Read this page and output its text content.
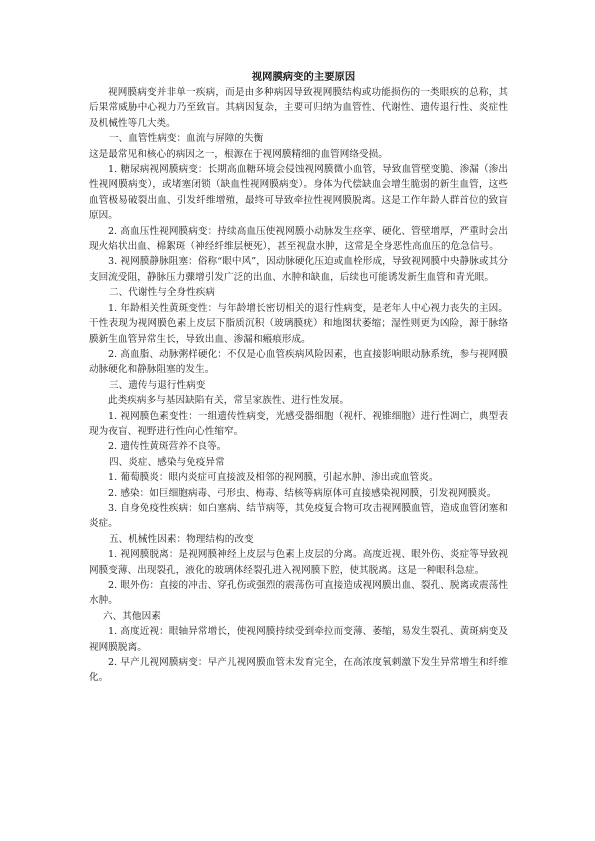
视网膜病变的主要原因

视网膜病变并非单一疾病，而是由多种病因导致视网膜结构或功能损伤的一类眼疾的总称，其后果常威胁中心视力乃至致盲。其病因复杂，主要可归纳为血管性、代谢性、遗传退行性、炎症性及机械性等几大类。

一、血管性病变：血流与屏障的失衡

这是最常见和核心的病因之一，根源在于视网膜精细的血管网络受损。

1. 糖尿病视网膜病变：长期高血糖环境会侵蚀视网膜微小血管，导致血管壁变脆、渗漏（渗出性视网膜病变），或堵塞闭锁（缺血性视网膜病变）。身体为代偿缺血会增生脆弱的新生血管，这些血管极易破裂出血、引发纤维增殖，最终可导致牵拉性视网膜脱离。这是工作年龄人群首位的致盲原因。

2. 高血压性视网膜病变：持续高血压使视网膜小动脉发生痉挛、硬化、管壁增厚，严重时会出现火焰状出血、棉絮斑（神经纤维层梗死），甚至视盘水肿，这常是全身恶性高血压的危急信号。

3. 视网膜静脉阻塞：俗称“眼中风”，因动脉硬化压迫或血栓形成，导致视网膜中央静脉或其分支回流受阻，静脉压力骤增引发广泛的出血、水肿和缺血，后续也可能诱发新生血管和青光眼。

二、代谢性与全身性疾病

1. 年龄相关性黄斑变性：与年龄增长密切相关的退行性病变，是老年人中心视力丧失的主因。干性表现为视网膜色素上皮层下脂质沉积（玻璃膜疣）和地图状萎缩；湿性则更为凶险，源于脉络膜新生血管异常生长，导致出血、渗漏和瘢痕形成。

2. 高血脂、动脉粥样硬化：不仅是心血管疾病风险因素，也直接影响眼动脉系统，参与视网膜动脉硬化和静脉阻塞的发生。

三、遗传与退行性病变

此类疾病多与基因缺陷有关，常呈家族性、进行性发展。

1. 视网膜色素变性：一组遗传性病变，光感受器细胞（视杆、视锥细胞）进行性凋亡，典型表现为夜盲、视野进行性向心性缩窄。

2. 遗传性黄斑营养不良等。

四、炎症、感染与免疫异常

1. 葡萄膜炎：眼内炎症可直接波及相邻的视网膜，引起水肿、渗出或血管炎。

2. 感染：如巨细胞病毒、弓形虫、梅毒、结核等病原体可直接感染视网膜，引发视网膜炎。

3. 自身免疫性疾病：如白塞病、结节病等，其免疫复合物可攻击视网膜血管，造成血管闭塞和炎症。

五、机械性因素：物理结构的改变

1. 视网膜脱离：是视网膜神经上皮层与色素上皮层的分离。高度近视、眼外伤、炎症等导致视网膜变薄、出现裂孔，液化的玻璃体经裂孔进入视网膜下腔，使其脱离。这是一种眼科急症。

2. 眼外伤：直接的冲击、穿孔伤或强烈的震荡伤可直接造成视网膜出血、裂孔、脱离或震荡性水肿。

六、其他因素

1. 高度近视：眼轴异常增长，使视网膜持续受到牵拉而变薄、萎缩，易发生裂孔、黄斑病变及视网膜脱离。

2. 早产儿视网膜病变：早产儿视网膜血管未发育完全，在高浓度氧刺激下发生异常增生和纤维化。
